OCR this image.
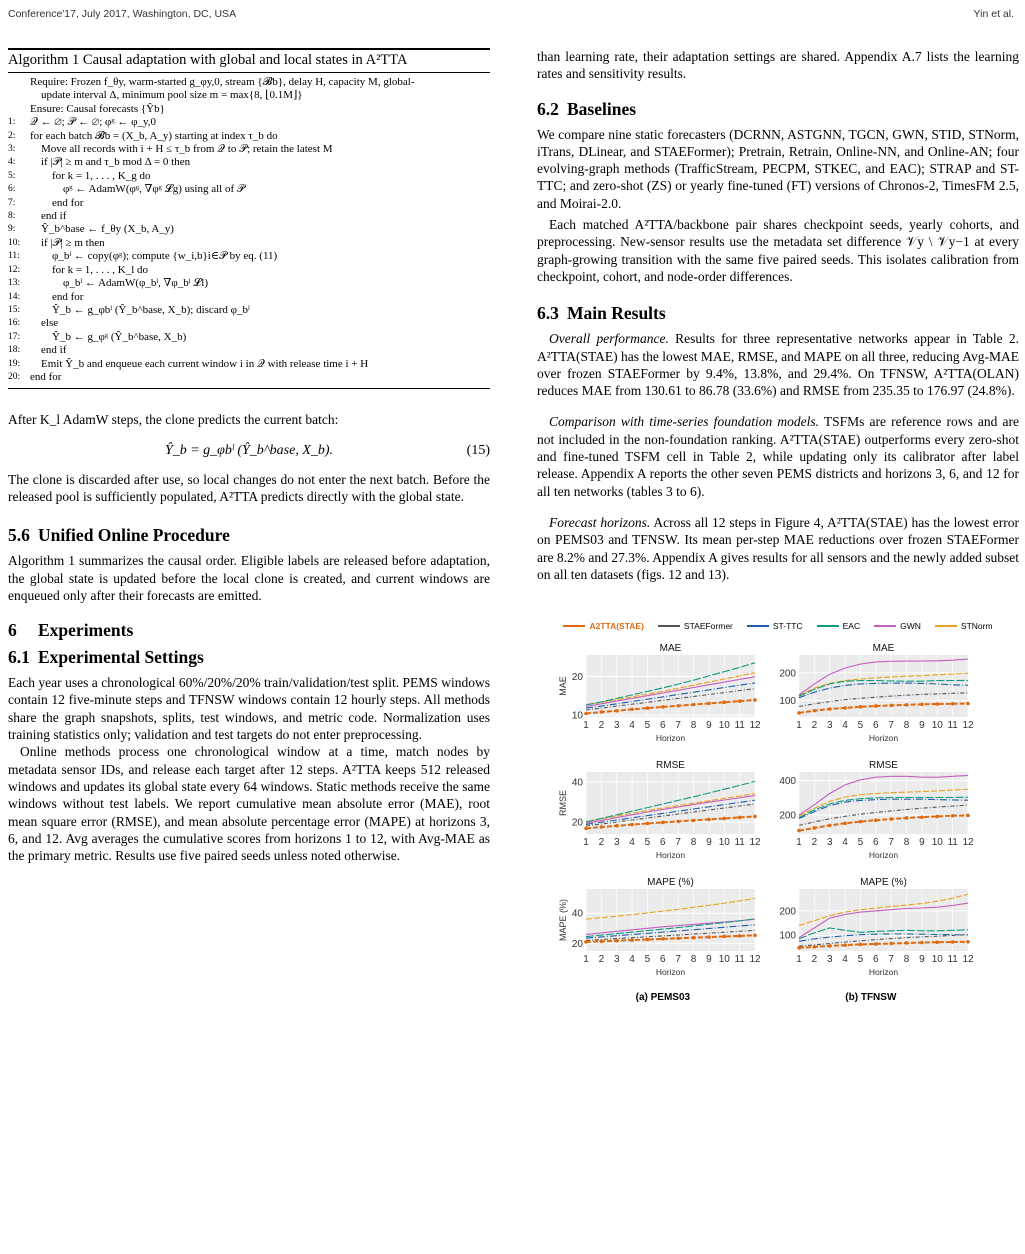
Conference'17, July 2017, Washington, DC, USA	Yin et al.
Algorithm 1 Causal adaptation with global and local states in A²TTA
Require: Frozen f_θy, warm-started g_φy,0, stream {𝓑b}, delay H, capacity M, global-
update interval Δ, minimum pool size m = max{8, ⌊0.1M⌋}
Ensure: Causal forecasts {Ŷb}
1:	𝒬 ← ∅; 𝒫 ← ∅; φᵍ ← φ_y,0
2:	for each batch 𝓑b = (X_b, A_y) starting at index τ_b do
3:	Move all records with i + H ≤ τ_b from 𝒬 to 𝒫; retain the latest M
4:	if |𝒫| ≥ m and τ_b mod Δ = 0 then
5:	for k = 1, . . . , K_g do
6:	φᵍ ← AdamW(φᵍ, ∇φᵍ 𝓛g) using all of 𝒫
7:	end for
8:	end if
9:	Ŷ_b^base ← f_θy (X_b, A_y)
10: if |𝒫| ≥ m then
11: φ_bˡ ← copy(φᵍ); compute {w_i,b}i∈𝒫 by eq. (11)
12: for k = 1, . . . , K_l do
13: φ_bˡ ← AdamW(φ_bˡ, ∇φ_bˡ 𝓛l)
14: end for
15: Ŷ_b ← g_φbˡ (Ŷ_b^base, X_b); discard φ_bˡ
16: else
17: Ŷ_b ← g_φᵍ (Ŷ_b^base, X_b)
18: end if
19: Emit Ŷ_b and enqueue each current window i in 𝒬 with release time i + H
20: end for

After K_l AdamW steps, the clone predicts the current batch:

Ŷ_b = g_φbˡ (Ŷ_b^base, X_b).	(15)

The clone is discarded after use, so local changes do not enter the next batch. Before the released pool is sufficiently populated, A²TTA predicts directly with the global state.

5.6 Unified Online Procedure

Algorithm 1 summarizes the causal order. Eligible labels are released before adaptation, the global state is updated before the local clone is created, and current windows are enqueued only after their forecasts are emitted.

6 Experiments
6.1 Experimental Settings

Each year uses a chronological 60%/20%/20% train/validation/test split. PEMS windows contain 12 five-minute steps and TFNSW windows contain 12 hourly steps. All methods share the graph snapshots, splits, test windows, and metric code. Normalization uses training statistics only; validation and test targets do not enter preprocessing.

Online methods process one chronological window at a time, match nodes by metadata sensor IDs, and release each target after 12 steps. A²TTA keeps 512 released windows and updates its global state every 64 windows. Static methods receive the same windows without test labels. We report cumulative mean absolute error (MAE), root mean square error (RMSE), and mean absolute percentage error (MAPE) at horizons 3, 6, and 12. Avg averages the cumulative scores from horizons 1 to 12, with Avg-MAE as the primary metric. Results use five paired seeds unless noted otherwise.

than learning rate, their adaptation settings are shared. Appendix A.7 lists the learning rates and sensitivity results.

6.2 Baselines

We compare nine static forecasters (DCRNN, ASTGNN, TGCN, GWN, STID, STNorm, iTrans, DLinear, and STAEFormer); Pretrain, Retrain, Online-NN, and Online-AN; four evolving-graph methods (TrafficStream, PECPM, STKEC, and EAC); STRAP and ST-TTC; and zero-shot (ZS) or yearly fine-tuned (FT) versions of Chronos-2, TimesFM 2.5, and Moirai-2.0.

Each matched A²TTA/backbone pair shares checkpoint seeds, yearly cohorts, and preprocessing. New-sensor results use the metadata set difference 𝒱y \ 𝒱y−1 at every graph-growing transition with the same five paired seeds. This isolates calibration from checkpoint, cohort, and node-order differences.

6.3 Main Results

Overall performance. Results for three representative networks appear in Table 2. A²TTA(STAE) has the lowest MAE, RMSE, and MAPE on all three, reducing Avg-MAE over frozen STAEFormer by 9.4%, 13.8%, and 29.4%. On TFNSW, A²TTA(OLAN) reduces MAE from 130.61 to 86.78 (33.6%) and RMSE from 235.35 to 176.97 (24.8%).

Comparison with time-series foundation models. TSFMs are reference rows and are not included in the non-foundation ranking. A²TTA(STAE) outperforms every zero-shot and fine-tuned TSFM cell in Table 2, while updating only its calibrator after label release. Appendix A reports the other seven PEMS districts and horizons 3, 6, and 12 for all ten networks (tables 3 to 6).

Forecast horizons. Across all 12 steps in Figure 4, A²TTA(STAE) has the lowest error on PEMS03 and TFNSW. Its mean per-step MAE reductions over frozen STAEFormer are 8.2% and 27.3%. Appendix A gives results for all sensors and the newly added subset on all ten datasets (figs. 12 and 13).

A2TTA(STAE)	STAEFormer	ST-TTC	EAC	GWN	STNorm
10
20
1 2 3 4 5 6 7 8 9 10 11 12
MAE
Horizon
MAE
100
200
1 2 3 4 5 6 7 8 9 10 11 12
MAE
Horizon
20
40
1 2 3 4 5 6 7 8 9 10 11 12
RMSE
Horizon
RMSE
200
400
1 2 3 4 5 6 7 8 9 10 11 12
RMSE
Horizon
20
40
1 2 3 4 5 6 7 8 9 10 11 12
MAPE (%)
Horizon
MAPE (%)	100
200
1 2 3 4 5 6 7 8 9 10 11 12
MAPE (%)
Horizon
(a) PEMS03	(b) TFNSW
